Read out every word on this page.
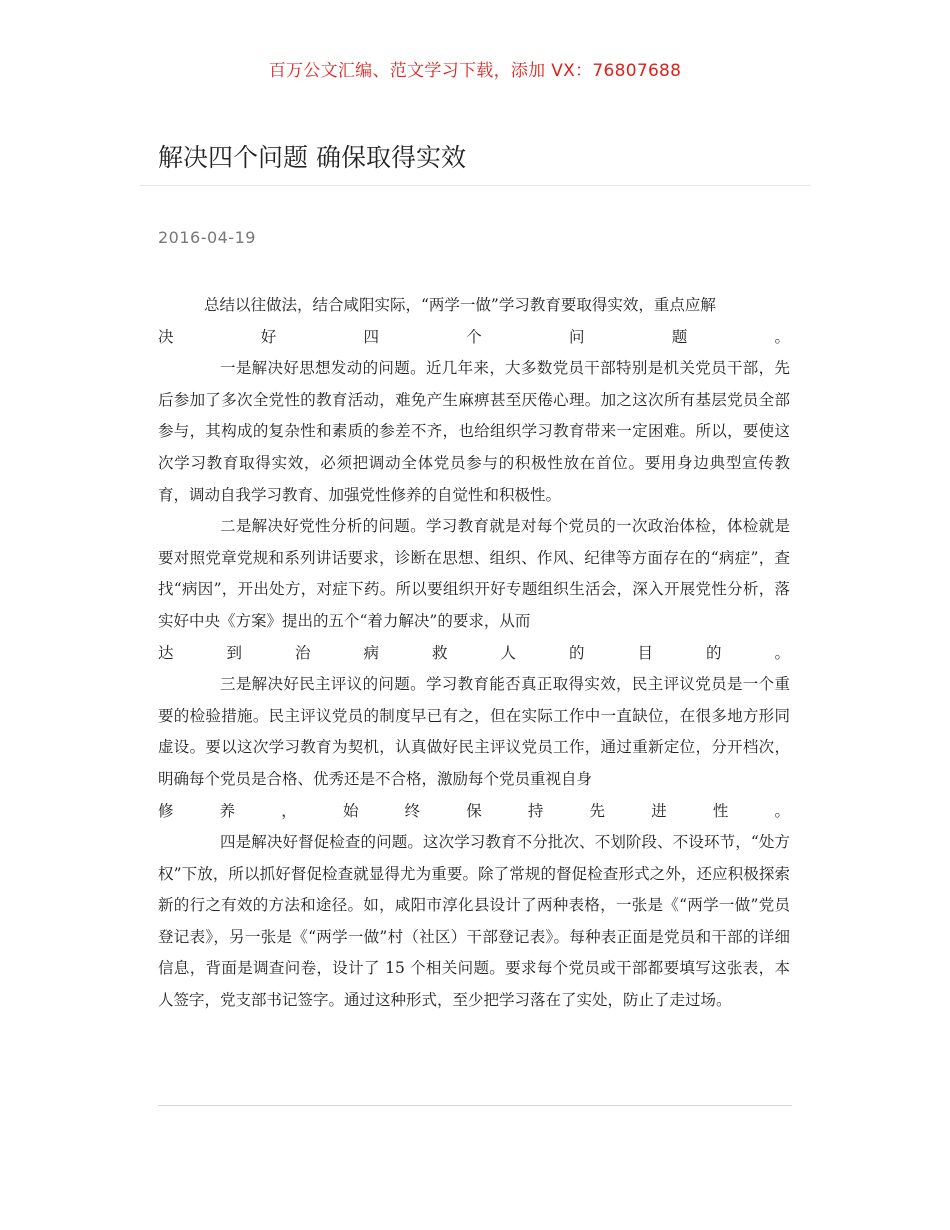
百万公文汇编、范文学习下载，添加 VX：76807688
解决四个问题 确保取得实效
2016-04-19

总结以往做法，结合咸阳实际，“两学一做”学习教育要取得实效，重点应解
决 好 四 个 问 题 。

一是解决好思想发动的问题。近几年来，大多数党员干部特别是机关党员干部，先后参加了多次全党性的教育活动，难免产生麻痹甚至厌倦心理。加之这次所有基层党员全部参与，其构成的复杂性和素质的参差不齐，也给组织学习教育带来一定困难。所以，要使这次学习教育取得实效，必须把调动全体党员参与的积极性放在首位。要用身边典型宣传教育，调动自我学习教育、加强党性修养的自觉性和积极性。

二是解决好党性分析的问题。学习教育就是对每个党员的一次政治体检，体检就是要对照党章党规和系列讲话要求，诊断在思想、组织、作风、纪律等方面存在的“病症”，查找“病因”，开出处方，对症下药。所以要组织开好专题组织生活会，深入开展党性分析，落实好中央《方案》提出的五个“着力解决”的要求，从而
达 到 治 病 救 人 的 目 的 。

三是解决好民主评议的问题。学习教育能否真正取得实效，民主评议党员是一个重要的检验措施。民主评议党员的制度早已有之，但在实际工作中一直缺位，在很多地方形同虚设。要以这次学习教育为契机，认真做好民主评议党员工作，通过重新定位，分开档次，明确每个党员是合格、优秀还是不合格，激励每个党员重视自身
修 养 ， 始 终 保 持 先 进 性 。

四是解决好督促检查的问题。这次学习教育不分批次、不划阶段、不设环节，“处方权”下放，所以抓好督促检查就显得尤为重要。除了常规的督促检查形式之外，还应积极探索新的行之有效的方法和途径。如，咸阳市淳化县设计了两种表格，一张是《“两学一做”党员登记表》，另一张是《“两学一做”村（社区）干部登记表》。每种表正面是党员和干部的详细信息，背面是调查问卷，设计了 15 个相关问题。要求每个党员或干部都要填写这张表，本人签字，党支部书记签字。通过这种形式，至少把学习落在了实处，防止了走过场。
